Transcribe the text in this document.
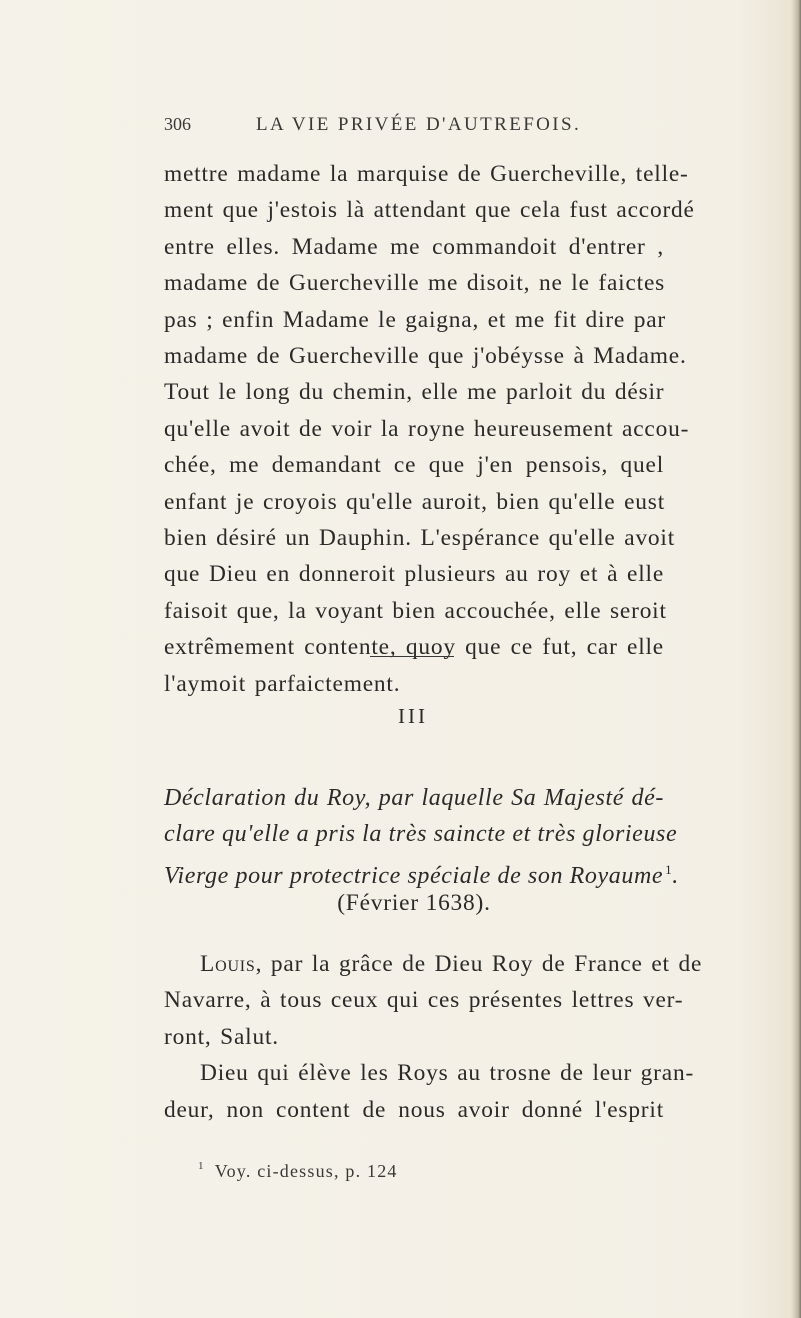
306	LA VIE PRIVÉE D'AUTREFOIS.
mettre madame la marquise de Guercheville, telle-
ment que j'estois là attendant que cela fust accordé
entre elles. Madame me commandoit d'entrer ,
madame de Guercheville me disoit, ne le faictes
pas ; enfin Madame le gaigna, et me fit dire par
madame de Guercheville que j'obéysse à Madame.
Tout le long du chemin, elle me parloit du désir
qu'elle avoit de voir la royne heureusement accou-
chée, me demandant ce que j'en pensois, quel
enfant je croyois qu'elle auroit, bien qu'elle eust
bien désiré un Dauphin. L'espérance qu'elle avoit
que Dieu en donneroit plusieurs au roy et à elle
faisoit que, la voyant bien accouchée, elle seroit
extrêmement contente, quoy que ce fut, car elle
l'aymoit parfaictement.
III
Déclaration du Roy, par laquelle Sa Majesté dé-
clare qu'elle a pris la très saincte et très glorieuse
Vierge pour protectrice spéciale de son Royaume $^1$.
(Février 1638).
Louis, par la grâce de Dieu Roy de France et de
Navarre, à tous ceux qui ces présentes lettres ver-
ront, Salut.
Dieu qui élève les Roys au trosne de leur gran-
deur, non content de nous avoir donné l'esprit
$^1$ Voy. ci-dessus, p. 124
